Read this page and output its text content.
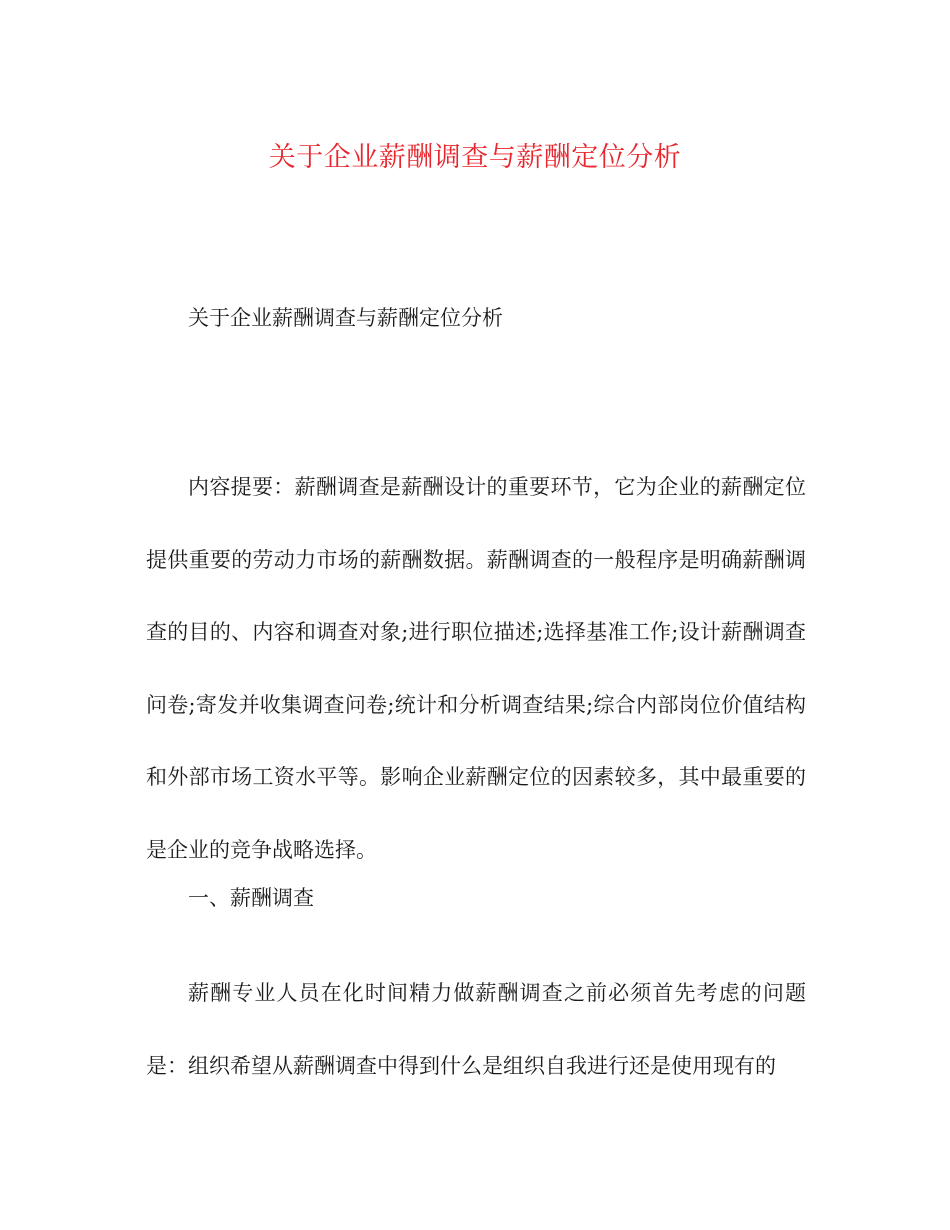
关于企业薪酬调查与薪酬定位分析

关于企业薪酬调查与薪酬定位分析

内容提要：薪酬调查是薪酬设计的重要环节，它为企业的薪酬定位提供重要的劳动力市场的薪酬数据。薪酬调查的一般程序是明确薪酬调查的目的、内容和调查对象;进行职位描述;选择基准工作;设计薪酬调查问卷;寄发并收集调查问卷;统计和分析调查结果;综合内部岗位价值结构和外部市场工资水平等。影响企业薪酬定位的因素较多，其中最重要的是企业的竞争战略选择。

一、薪酬调查

薪酬专业人员在化时间精力做薪酬调查之前必须首先考虑的问题是：组织希望从薪酬调查中得到什么是组织自我进行还是使用现有的
